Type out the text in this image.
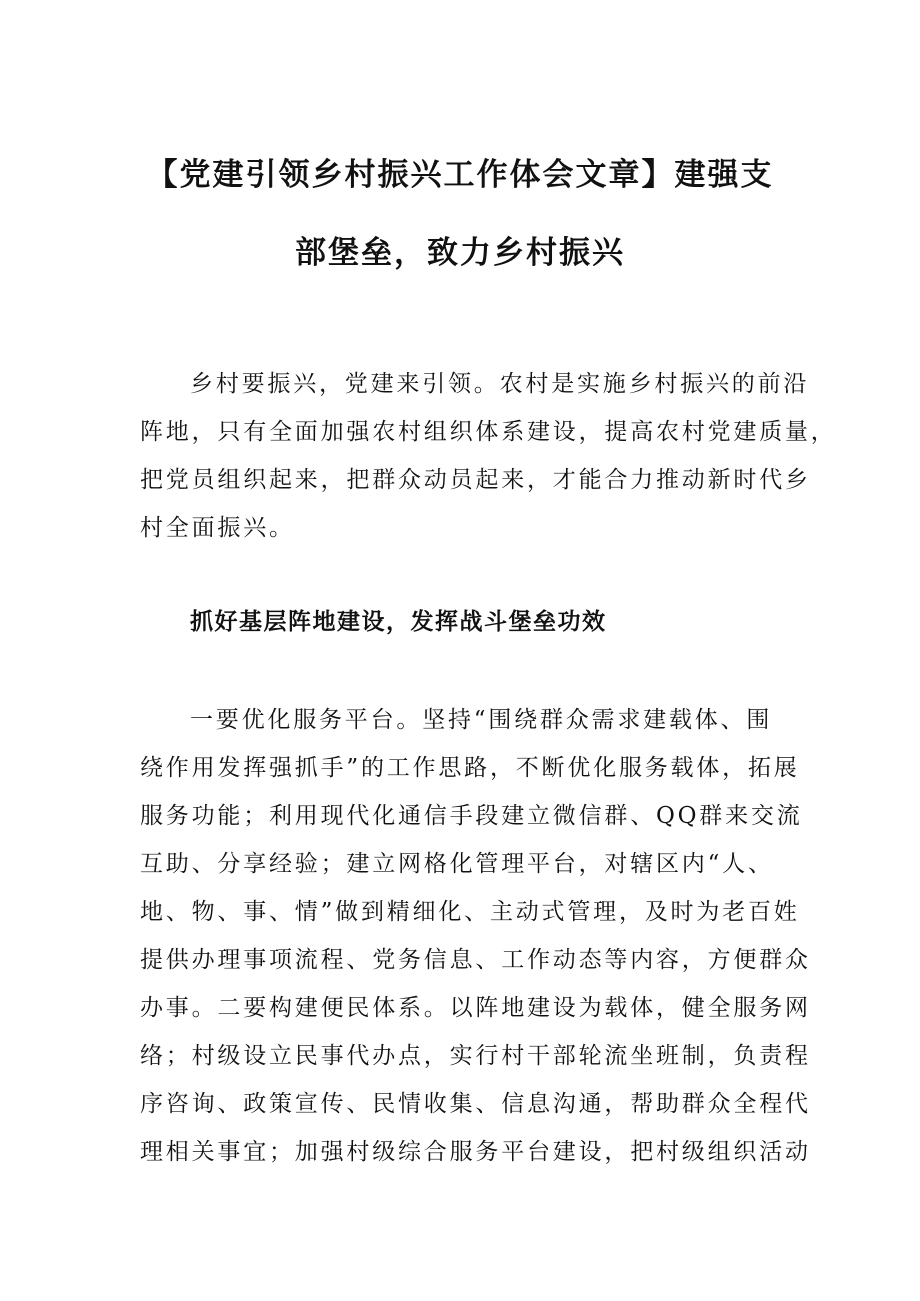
【党建引领乡村振兴工作体会文章】建强支
部堡垒，致力乡村振兴

乡村要振兴，党建来引领。农村是实施乡村振兴的前沿

阵地，只有全面加强农村组织体系建设，提高农村党建质量，

把党员组织起来，把群众动员起来，才能合力推动新时代乡

村全面振兴。

抓好基层阵地建设，发挥战斗堡垒功效

一要优化服务平台。坚持“围绕群众需求建载体、围

绕作用发挥强抓手”的工作思路，不断优化服务载体，拓展

服务功能；利用现代化通信手段建立微信群、QQ群来交流

互助、分享经验；建立网格化管理平台，对辖区内“人、

地、物、事、情”做到精细化、主动式管理，及时为老百姓

提供办理事项流程、党务信息、工作动态等内容，方便群众

办事。二要构建便民体系。以阵地建设为载体，健全服务网

络；村级设立民事代办点，实行村干部轮流坐班制，负责程

序咨询、政策宣传、民情收集、信息沟通，帮助群众全程代

理相关事宜；加强村级综合服务平台建设，把村级组织活动
